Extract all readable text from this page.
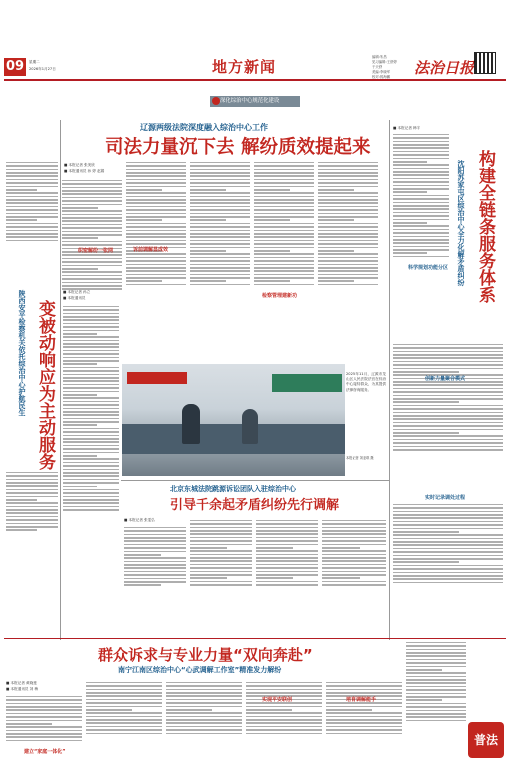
09	星期二
2026年1月27日	地方新闻
编辑:朱昌
见习编辑:王舒婷
于天舒
美编:李晓军
校对:郭海鹏	法治日报
深化综治中心规范化建设
辽源两级法院深度融入综治中心工作
司法力量沉下去 解纷质效提起来
■ 本报记者 张美欣
■ 本报通讯员 孙 婷 赵娟
织密解纷一张网	诉前调解显成效
检察管理建新功
变被动响应为主动服务
陕西安平检察机关依托综治中心护航民生	■ 本报记者 孙立
■ 本报通讯员
2025年11月，辽源市龙山区人民法院法官在综治中心接待群众，为其提供法律咨询服务。
本报记者 刘亚琪 摄
北京东城法院跳源诉讼团队入驻综治中心
引导千余起矛盾纠纷先行调解
■ 本报记者 张雯弘
构建全链条服务体系
沈阳苏家屯区综治中心全力化解矛盾纠纷
■ 本报记者 韩宇
科学规划功能分区
创新力量聚合模式
实时记录调处过程
群众诉求与专业力量“双向奔赴”
南宁江南区综治中心“心武调解工作室”精准发力解纷
■ 本报记者 黄晓莲
■ 本报通讯员 刘 梅
建立“家庭一体化”
实现平安联创	培育调解能手
普法
